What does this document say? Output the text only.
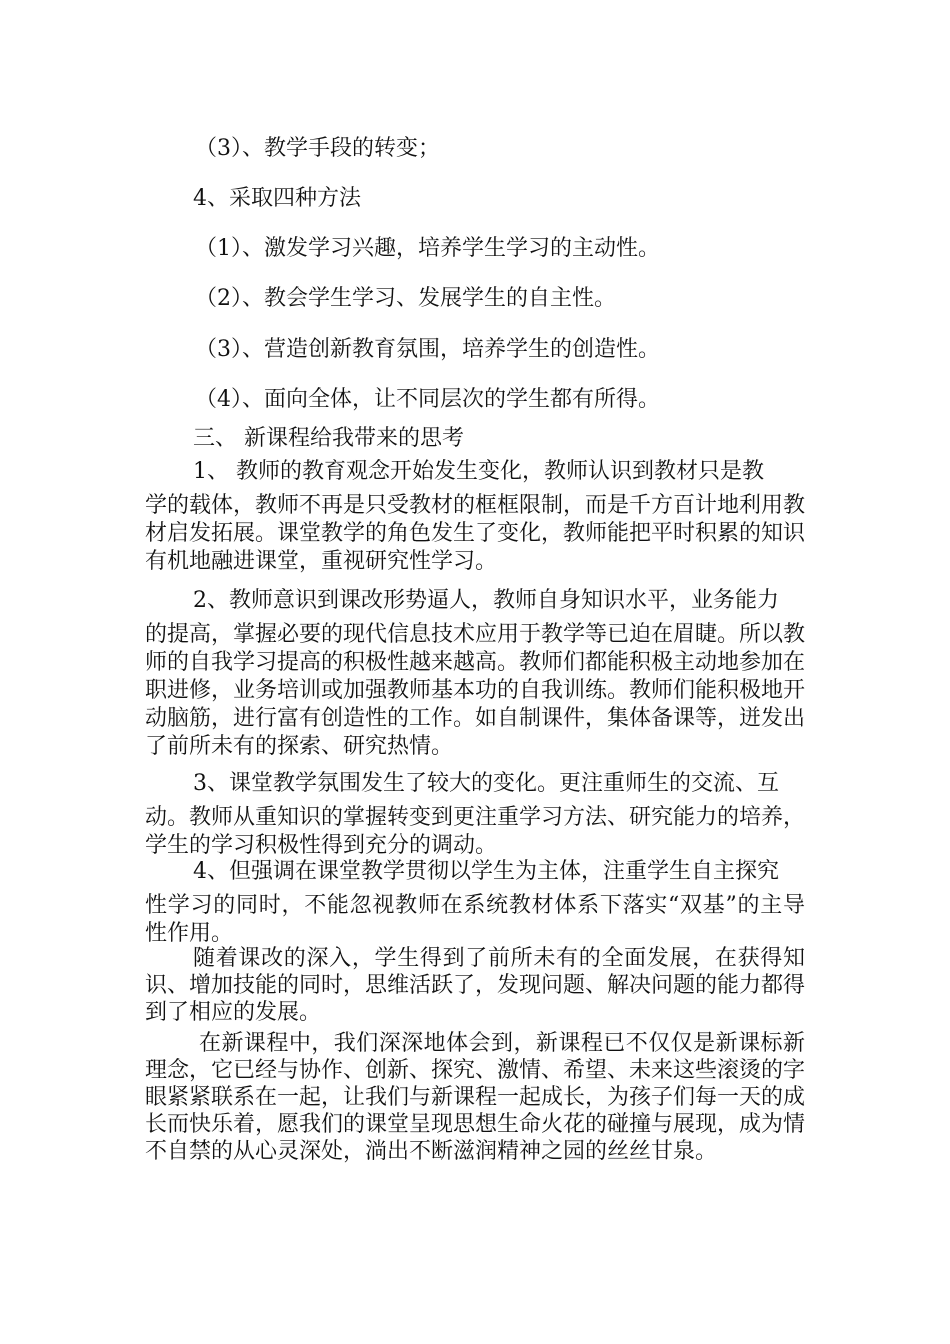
（3）、教学手段的转变；
4、采取四种方法
（1）、激发学习兴趣，培养学生学习的主动性。
（2）、教会学生学习、发展学生的自主性。
（3）、营造创新教育氛围，培养学生的创造性。
（4）、面向全体，让不同层次的学生都有所得。
三、 新课程给我带来的思考
1、 教师的教育观念开始发生变化，教师认识到教材只是教
学的载体，教师不再是只受教材的框框限制，而是千方百计地利用教材启发拓展。课堂教学的角色发生了变化，教师能把平时积累的知识有机地融进课堂，重视研究性学习。
2、教师意识到课改形势逼人，教师自身知识水平，业务能力
的提高，掌握必要的现代信息技术应用于教学等已迫在眉睫。所以教师的自我学习提高的积极性越来越高。教师们都能积极主动地参加在职进修，业务培训或加强教师基本功的自我训练。教师们能积极地开动脑筋，进行富有创造性的工作。如自制课件，集体备课等，迸发出了前所未有的探索、研究热情。
3、课堂教学氛围发生了较大的变化。更注重师生的交流、互
动。教师从重知识的掌握转变到更注重学习方法、研究能力的培养，学生的学习积极性得到充分的调动。
4、但强调在课堂教学贯彻以学生为主体，注重学生自主探究
性学习的同时，不能忽视教师在系统教材体系下落实“双基”的主导性作用。
随着课改的深入，学生得到了前所未有的全面发展，在获得知识、增加技能的同时，思维活跃了，发现问题、解决问题的能力都得到了相应的发展。
在新课程中，我们深深地体会到，新课程已不仅仅是新课标新理念，它已经与协作、创新、探究、激情、希望、未来这些滚烫的字眼紧紧联系在一起，让我们与新课程一起成长，为孩子们每一天的成长而快乐着，愿我们的课堂呈现思想生命火花的碰撞与展现，成为情不自禁的从心灵深处，淌出不断滋润精神之园的丝丝甘泉。
